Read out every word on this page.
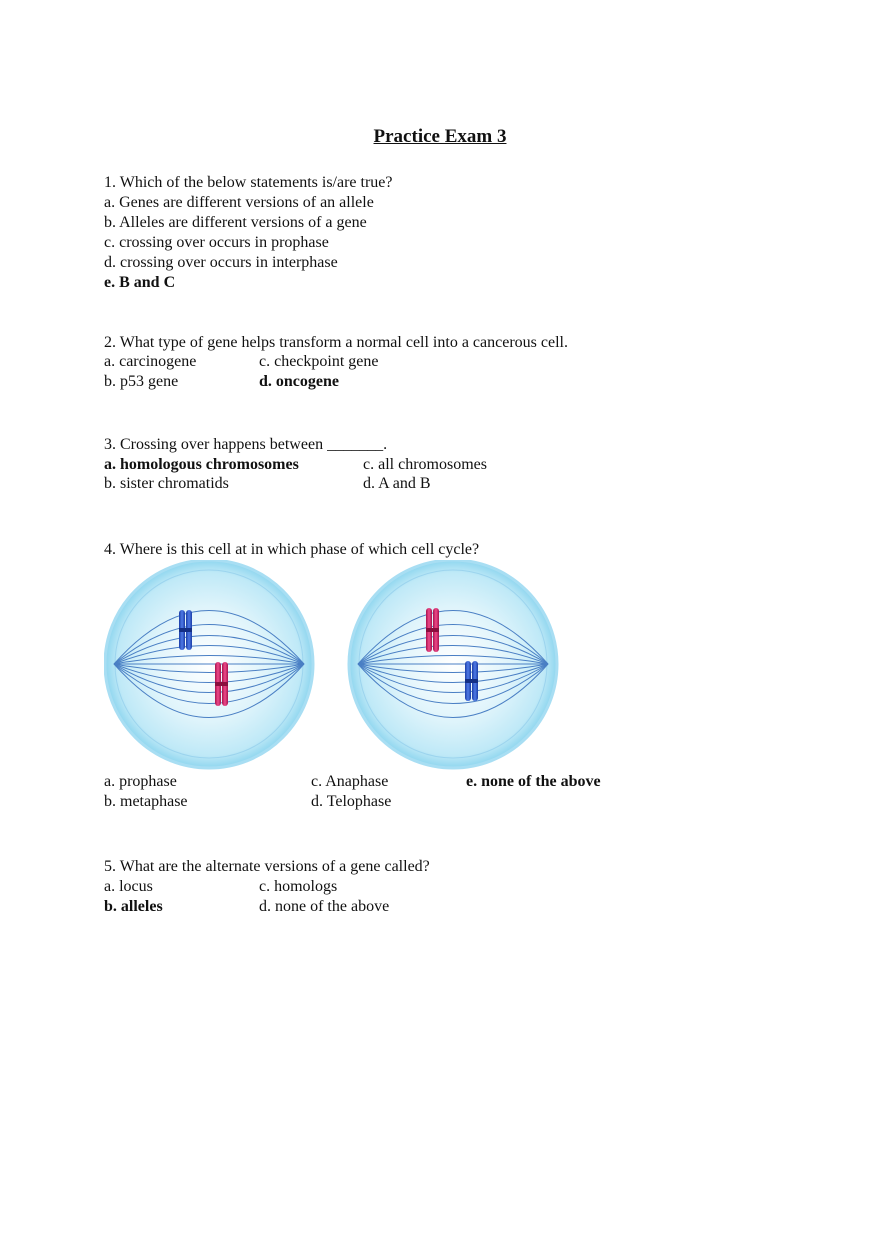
Practice Exam 3
1. Which of the below statements is/are true?
a. Genes are different versions of an allele
b. Alleles are different versions of a gene
c. crossing over occurs in prophase
d. crossing over occurs in interphase
e. B and C
2. What type of gene helps transform a normal cell into a cancerous cell.
a. carcinogene	c. checkpoint gene
b. p53 gene	d. oncogene
3. Crossing over happens between _______.
a. homologous chromosomes	c. all chromosomes
b. sister chromatids	d. A and B
4. Where is this cell at in which phase of which cell cycle?
a. prophase	c. Anaphase	e. none of the above
b. metaphase	d. Telophase
5. What are the alternate versions of a gene called?
a. locus	c. homologs
b. alleles	d. none of the above
